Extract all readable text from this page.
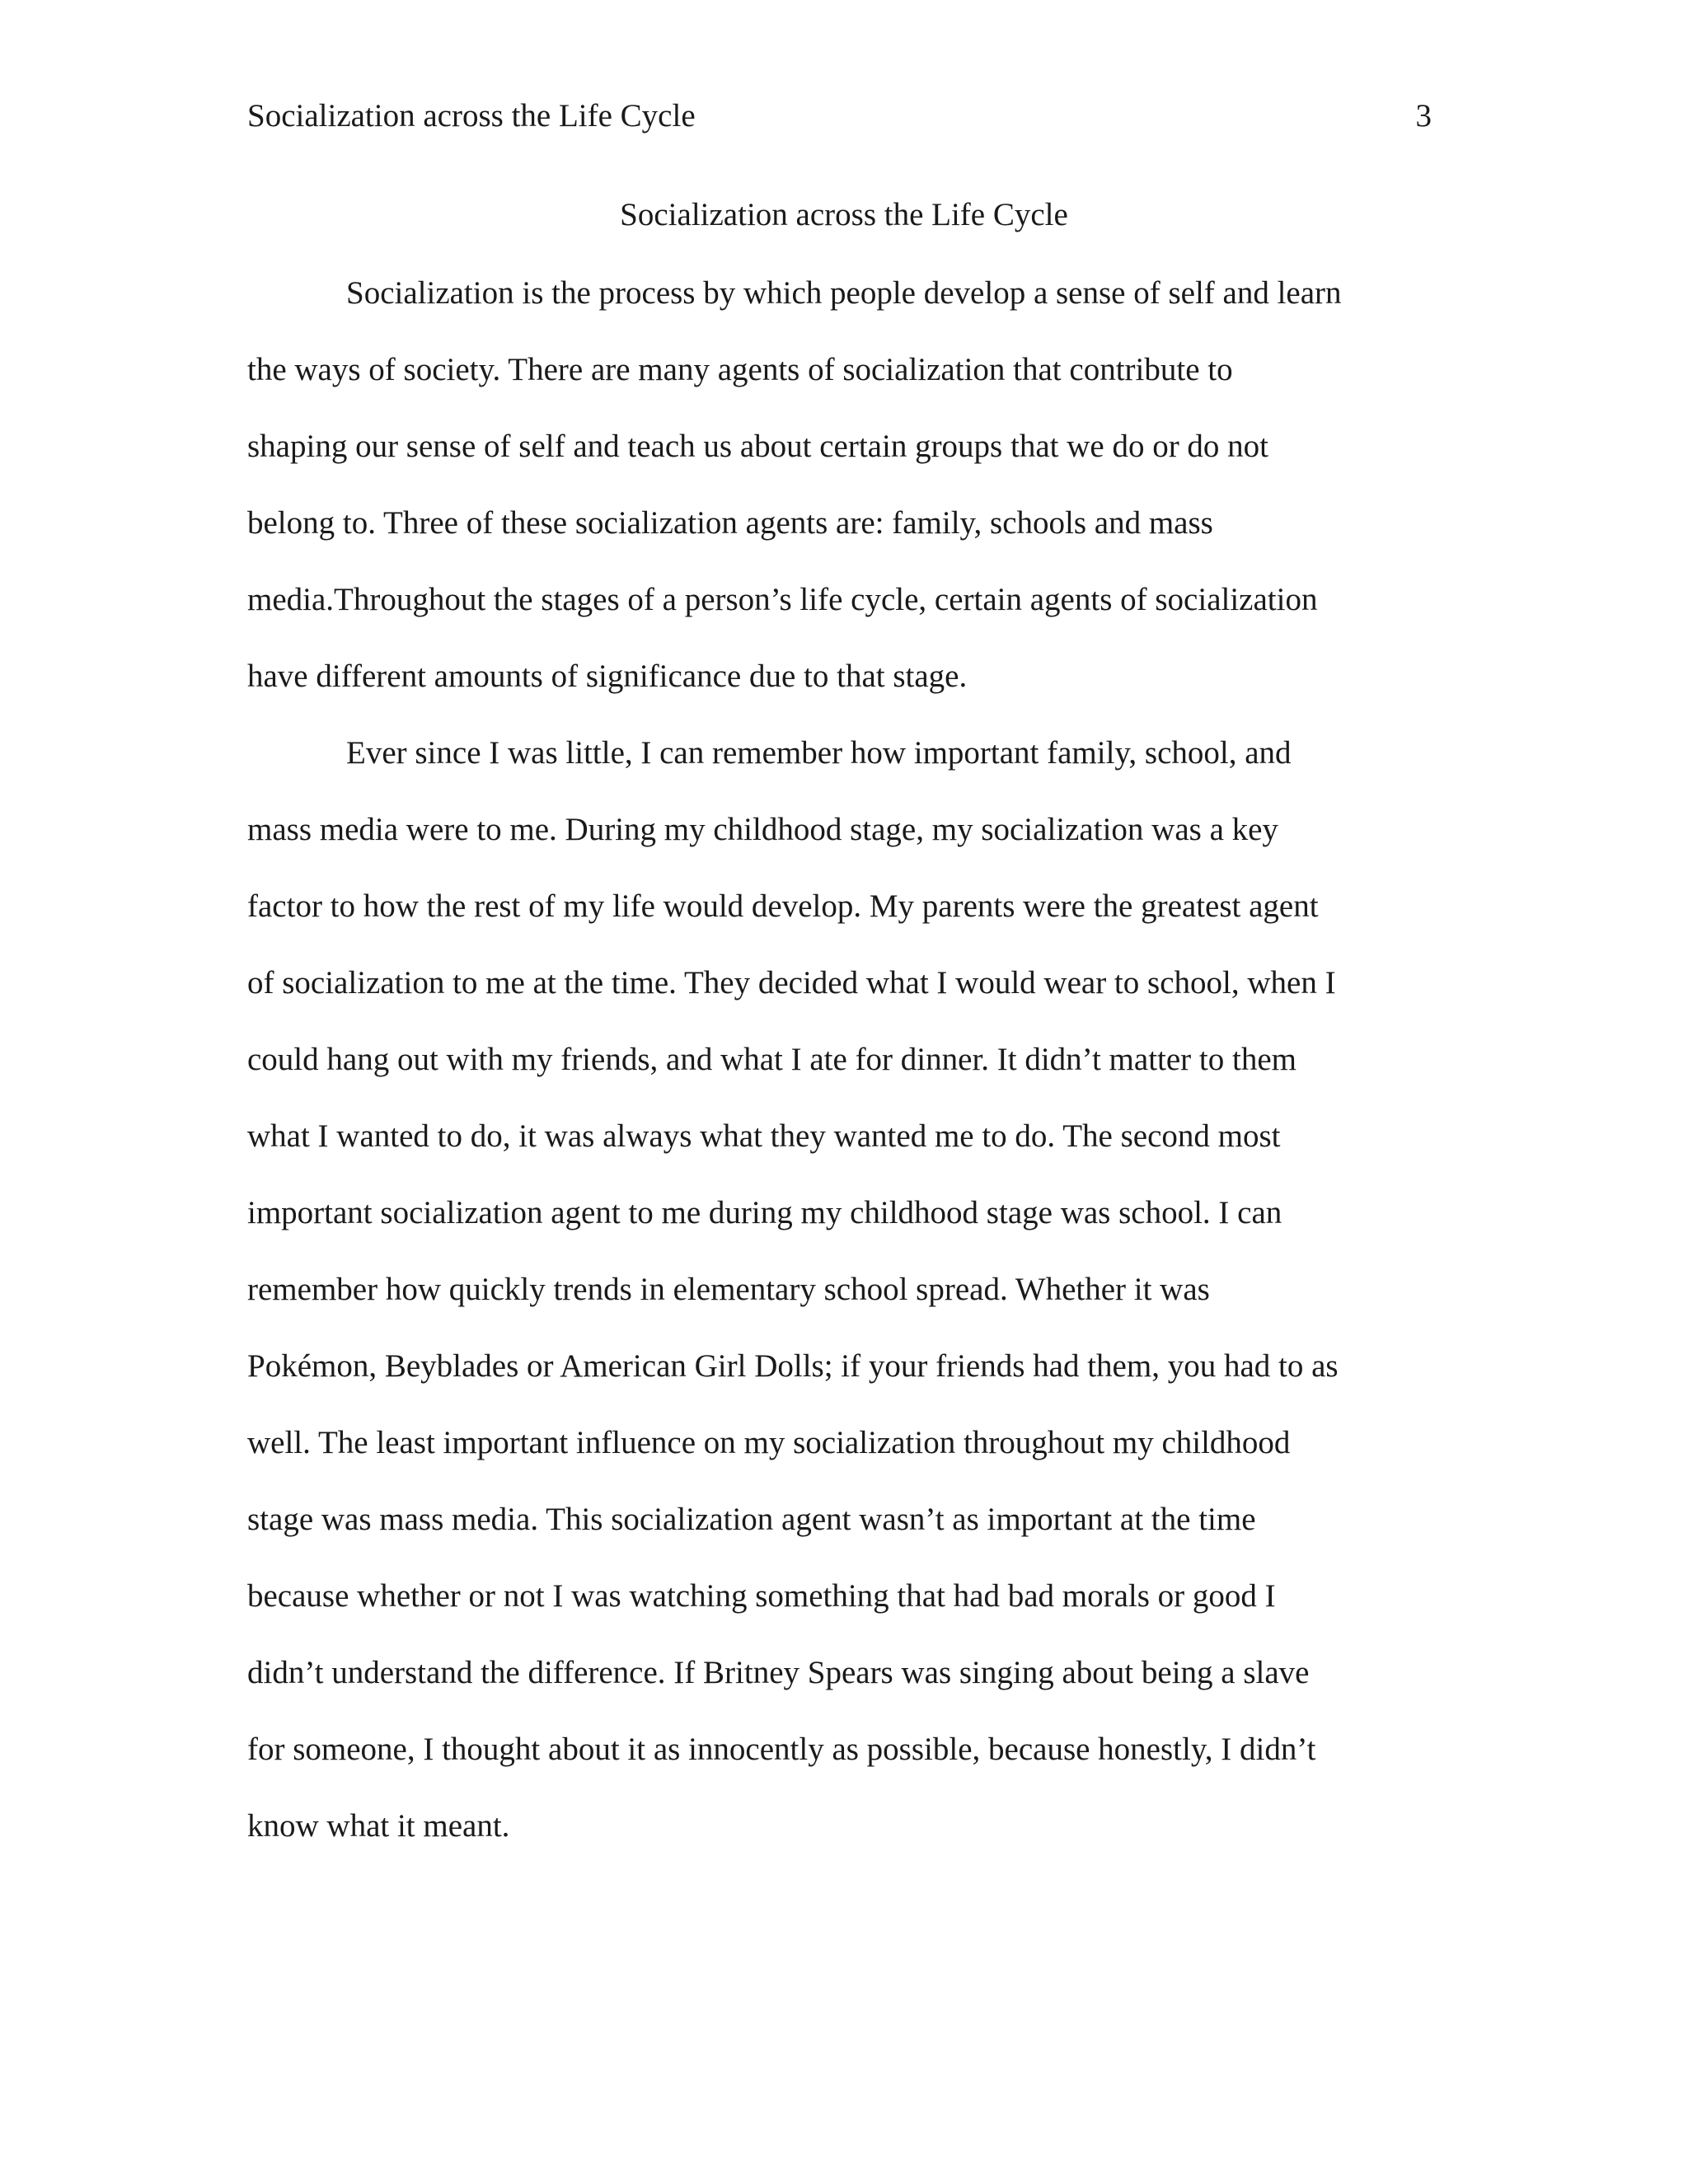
Socialization across the Life Cycle	3
Socialization across the Life Cycle
Socialization is the process by which people develop a sense of self and learn
the ways of society. There are many agents of socialization that contribute to
shaping our sense of self and teach us about certain groups that we do or do not
belong to. Three of these socialization agents are: family, schools and mass
media.Throughout the stages of a person’s life cycle, certain agents of socialization
have different amounts of significance due to that stage.
Ever since I was little, I can remember how important family, school, and
mass media were to me. During my childhood stage, my socialization was a key
factor to how the rest of my life would develop. My parents were the greatest agent
of socialization to me at the time. They decided what I would wear to school, when I
could hang out with my friends, and what I ate for dinner. It didn’t matter to them
what I wanted to do, it was always what they wanted me to do. The second most
important socialization agent to me during my childhood stage was school. I can
remember how quickly trends in elementary school spread. Whether it was
Pokémon, Beyblades or American Girl Dolls; if your friends had them, you had to as
well. The least important influence on my socialization throughout my childhood
stage was mass media. This socialization agent wasn’t as important at the time
because whether or not I was watching something that had bad morals or good I
didn’t understand the difference. If Britney Spears was singing about being a slave
for someone, I thought about it as innocently as possible, because honestly, I didn’t
know what it meant.
